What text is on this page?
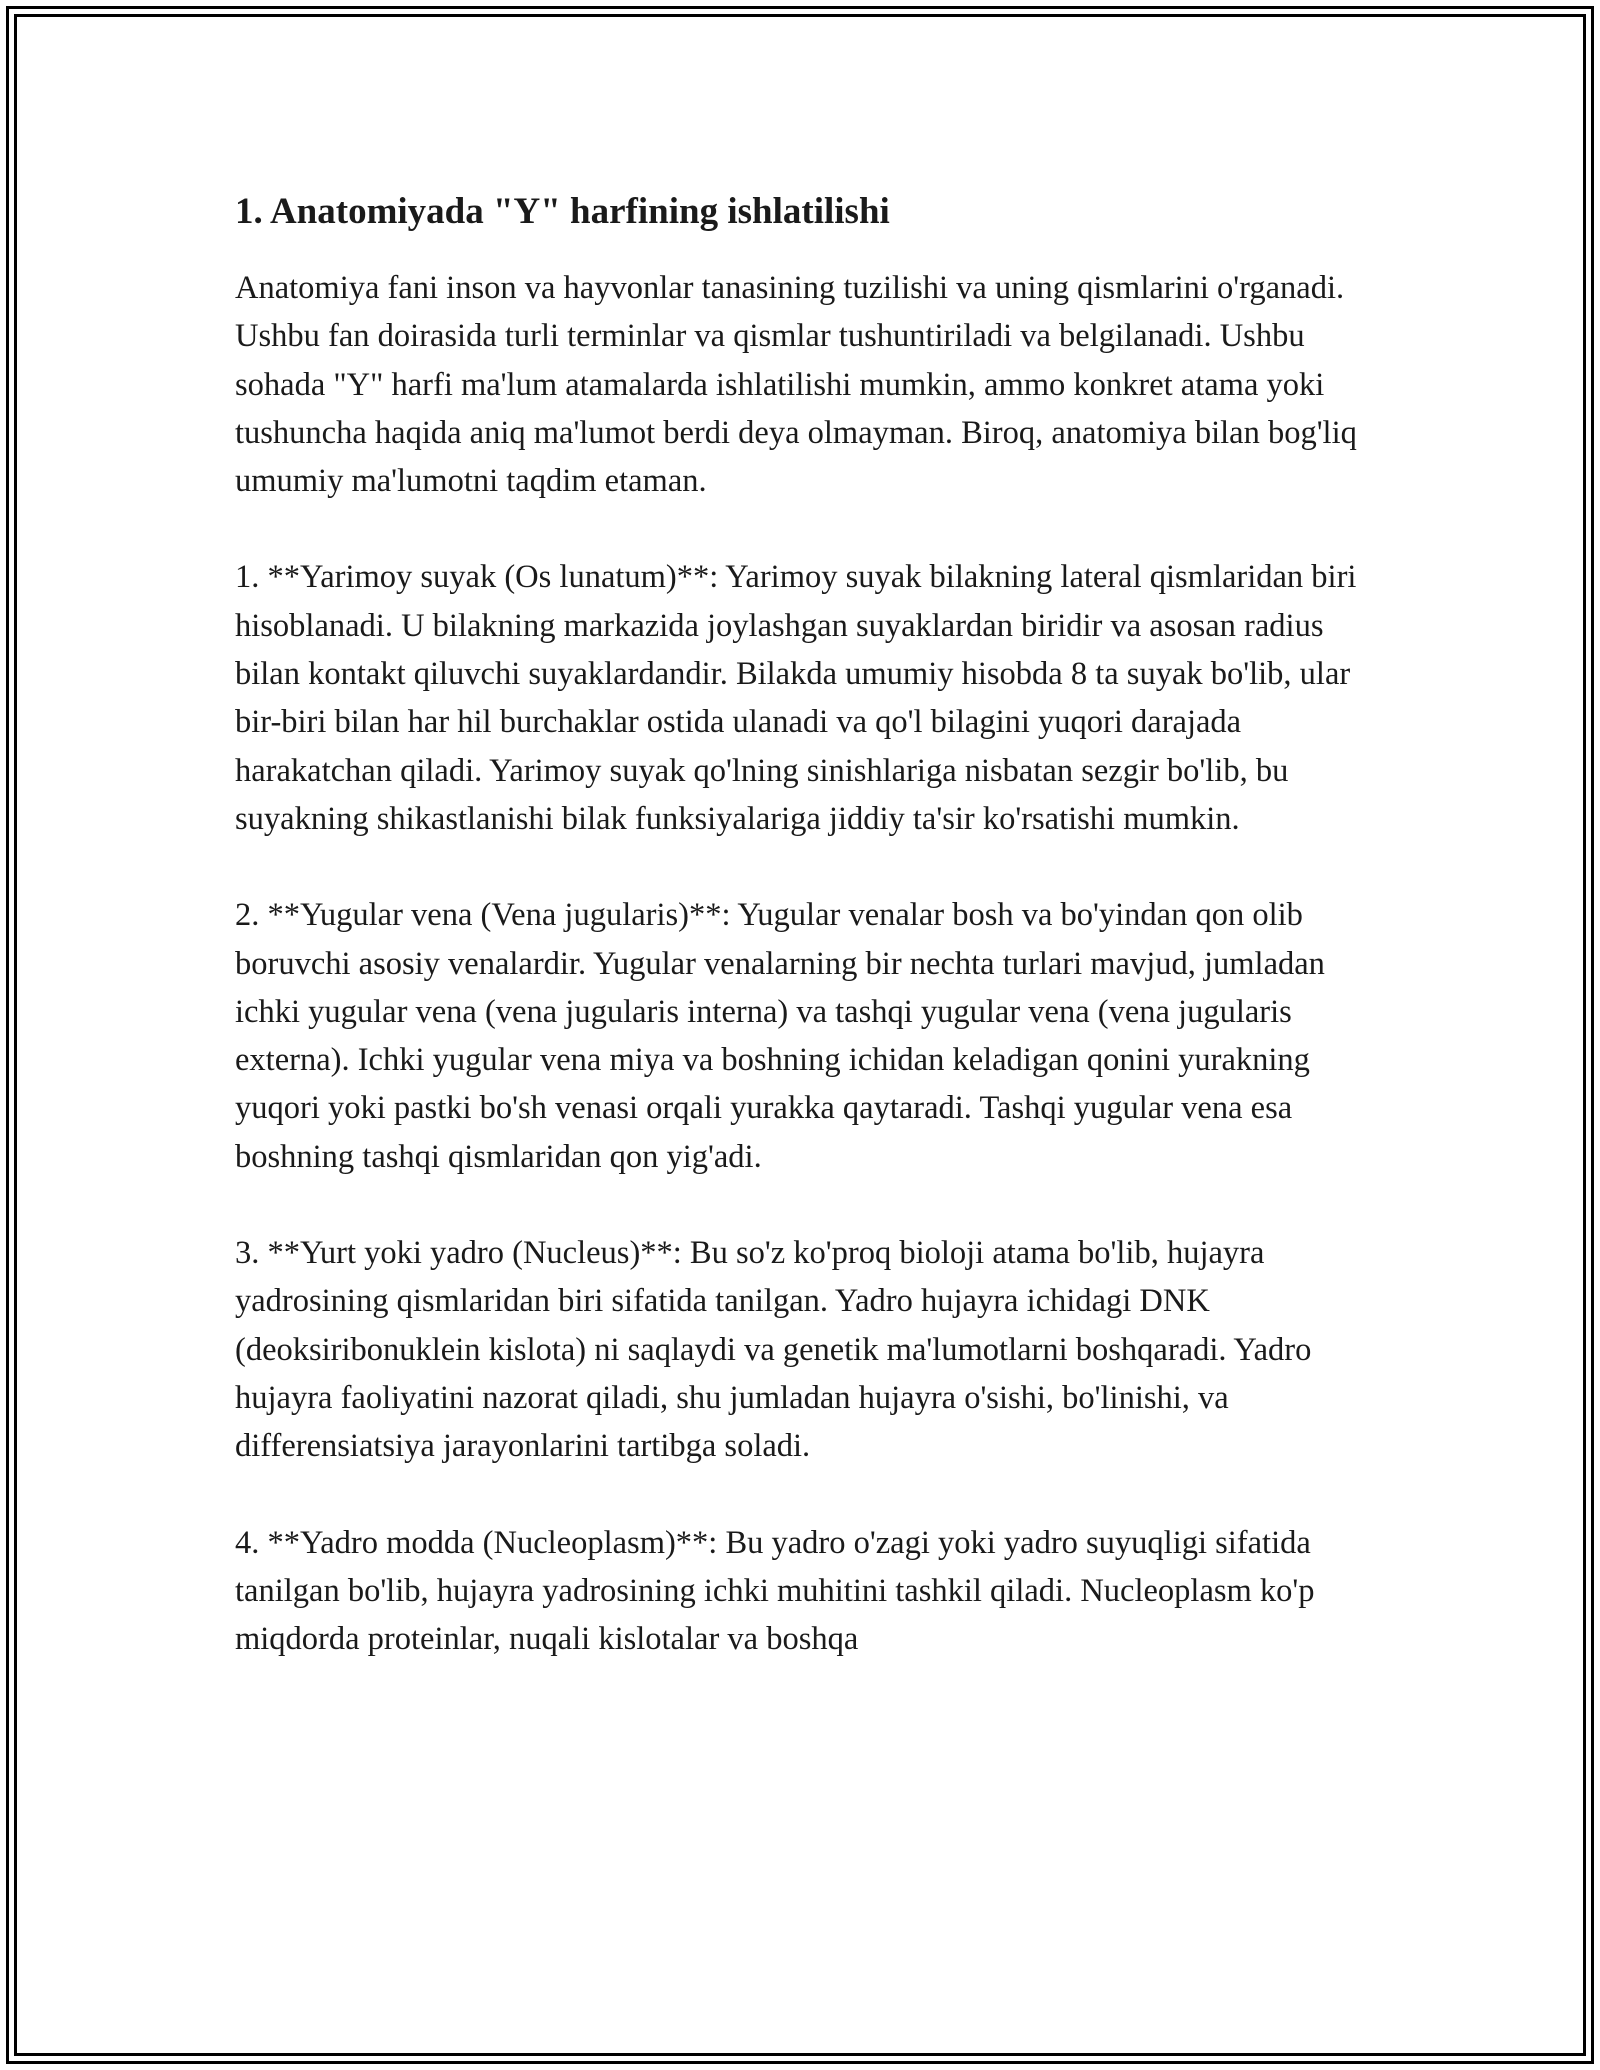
1. Anatomiyada "Y" harfining ishlatilishi

Anatomiya fani inson va hayvonlar tanasining tuzilishi va uning qismlarini o'rganadi. Ushbu fan doirasida turli terminlar va qismlar tushuntiriladi va belgilanadi. Ushbu sohada "Y" harfi ma'lum atamalarda ishlatilishi mumkin, ammo konkret atama yoki tushuncha haqida aniq ma'lumot berdi deya olmayman. Biroq, anatomiya bilan bog'liq umumiy ma'lumotni taqdim etaman.

1. **Yarimoy suyak (Os lunatum)**: Yarimoy suyak bilakning lateral qismlaridan biri hisoblanadi. U bilakning markazida joylashgan suyaklardan biridir va asosan radius bilan kontakt qiluvchi suyaklardandir. Bilakda umumiy hisobda 8 ta suyak bo'lib, ular bir-biri bilan har hil burchaklar ostida ulanadi va qo'l bilagini yuqori darajada harakatchan qiladi. Yarimoy suyak qo'lning sinishlariga nisbatan sezgir bo'lib, bu suyakning shikastlanishi bilak funksiyalariga jiddiy ta'sir ko'rsatishi mumkin.

2. **Yugular vena (Vena jugularis)**: Yugular venalar bosh va bo'yindan qon olib boruvchi asosiy venalardir. Yugular venalarning bir nechta turlari mavjud, jumladan ichki yugular vena (vena jugularis interna) va tashqi yugular vena (vena jugularis externa). Ichki yugular vena miya va boshning ichidan keladigan qonini yurakning yuqori yoki pastki bo'sh venasi orqali yurakka qaytaradi. Tashqi yugular vena esa boshning tashqi qismlaridan qon yig'adi.

3. **Yurt yoki yadro (Nucleus)**: Bu so'z ko'proq bioloji atama bo'lib, hujayra yadrosining qismlaridan biri sifatida tanilgan. Yadro hujayra ichidagi DNK (deoksiribonuklein kislota) ni saqlaydi va genetik ma'lumotlarni boshqaradi. Yadro hujayra faoliyatini nazorat qiladi, shu jumladan hujayra o'sishi, bo'linishi, va differensiatsiya jarayonlarini tartibga soladi.

4. **Yadro modda (Nucleoplasm)**: Bu yadro o'zagi yoki yadro suyuqligi sifatida tanilgan bo'lib, hujayra yadrosining ichki muhitini tashkil qiladi. Nucleoplasm ko'p miqdorda proteinlar, nuqali kislotalar va boshqa
